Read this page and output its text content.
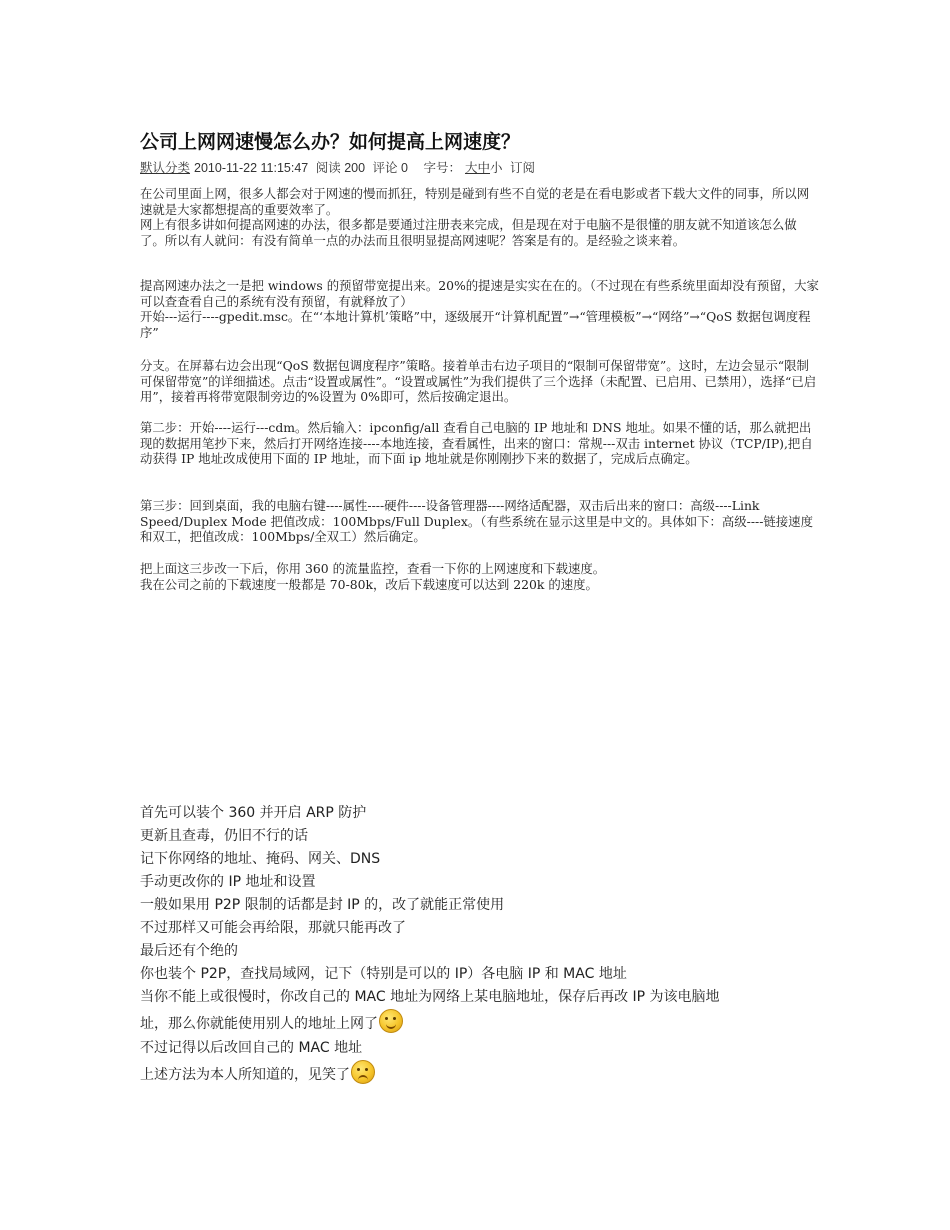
公司上网网速慢怎么办？如何提高上网速度？
默认分类 2010-11-22 11:15:47 阅读 200 评论 0 字号： 大中小 订阅

在公司里面上网，很多人都会对于网速的慢而抓狂，特别是碰到有些不自觉的老是在看电影或者下载大文件的同事，所以网速就是大家都想提高的重要效率了。
网上有很多讲如何提高网速的办法，很多都是要通过注册表来完成，但是现在对于电脑不是很懂的朋友就不知道该怎么做了。所以有人就问：有没有简单一点的办法而且很明显提高网速呢？答案是有的。是经验之谈来着。

提高网速办法之一是把 windows 的预留带宽提出来。20%的提速是实实在在的。（不过现在有些系统里面却没有预留，大家可以查查看自己的系统有没有预留，有就释放了）
开始---运行----gpedit.msc。在“‘本地计算机’策略”中，逐级展开“计算机配置”→“管理模板”→“网络”→“QoS 数据包调度程序”

分支。在屏幕右边会出现“QoS 数据包调度程序”策略。接着单击右边子项目的“限制可保留带宽”。这时，左边会显示“限制可保留带宽”的详细描述。点击“设置或属性”。“设置或属性”为我们提供了三个选择（未配置、已启用、已禁用），选择“已启用”，接着再将带宽限制旁边的%设置为 0%即可，然后按确定退出。

第二步：开始----运行---cdm。然后输入：ipconfig/all 查看自己电脑的 IP 地址和 DNS 地址。如果不懂的话，那么就把出现的数据用笔抄下来，然后打开网络连接----本地连接，查看属性，出来的窗口：常规---双击 internet 协议（TCP/IP),把自动获得 IP 地址改成使用下面的 IP 地址，而下面 ip 地址就是你刚刚抄下来的数据了，完成后点确定。

第三步：回到桌面，我的电脑右键----属性----硬件----设备管理器----网络适配器，双击后出来的窗口：高级----Link Speed/Duplex Mode 把值改成：100Mbps/Full Duplex。（有些系统在显示这里是中文的。具体如下：高级----链接速度和双工，把值改成：100Mbps/全双工）然后确定。

把上面这三步改一下后，你用 360 的流量监控，查看一下你的上网速度和下载速度。
我在公司之前的下载速度一般都是 70-80k，改后下载速度可以达到 220k 的速度。

首先可以装个 360 并开启 ARP 防护

更新且查毒，仍旧不行的话

记下你网络的地址、掩码、网关、DNS

手动更改你的 IP 地址和设置

一般如果用 P2P 限制的话都是封 IP 的，改了就能正常使用

不过那样又可能会再给限，那就只能再改了

最后还有个绝的

你也装个 P2P，查找局域网，记下（特别是可以的 IP）各电脑 IP 和 MAC 地址

当你不能上或很慢时，你改自己的 MAC 地址为网络上某电脑地址，保存后再改 IP 为该电脑地

址，那么你就能使用别人的地址上网了

不过记得以后改回自己的 MAC 地址

上述方法为本人所知道的，见笑了
